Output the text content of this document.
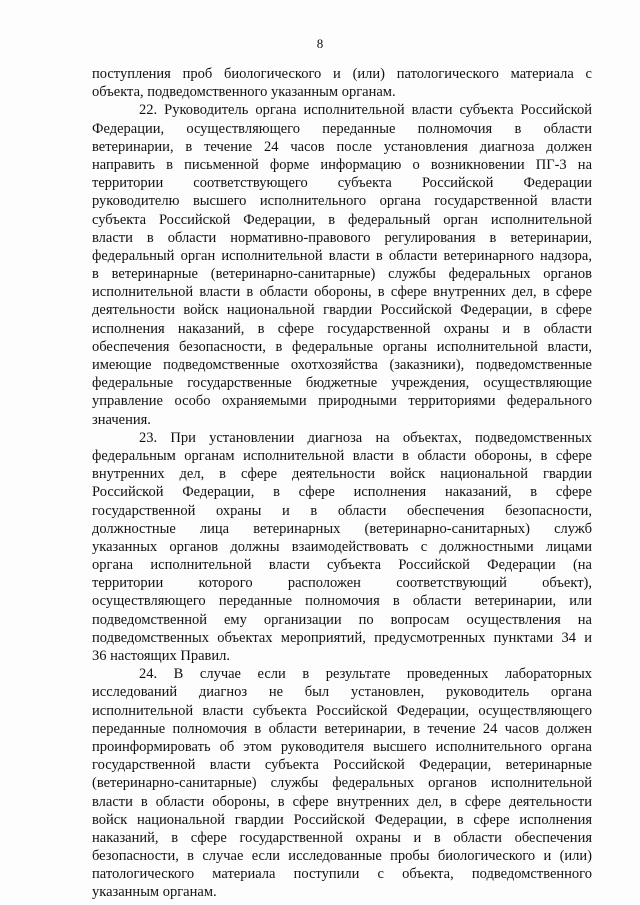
8
поступления проб биологического и (или) патологического материала с
объекта, подведомственного указанным органам.
22. Руководитель органа исполнительной власти субъекта Российской
Федерации, осуществляющего переданные полномочия в области
ветеринарии, в течение 24 часов после установления диагноза должен
направить в письменной форме информацию о возникновении ПГ-3 на
территории соответствующего субъекта Российской Федерации
руководителю высшего исполнительного органа государственной власти
субъекта Российской Федерации, в федеральный орган исполнительной
власти в области нормативно-правового регулирования в ветеринарии,
федеральный орган исполнительной власти в области ветеринарного надзора,
в ветеринарные (ветеринарно-санитарные) службы федеральных органов
исполнительной власти в области обороны, в сфере внутренних дел, в сфере
деятельности войск национальной гвардии Российской Федерации, в сфере
исполнения наказаний, в сфере государственной охраны и в области
обеспечения безопасности, в федеральные органы исполнительной власти,
имеющие подведомственные охотхозяйства (заказники), подведомственные
федеральные государственные бюджетные учреждения, осуществляющие
управление особо охраняемыми природными территориями федерального
значения.
23. При установлении диагноза на объектах, подведомственных
федеральным органам исполнительной власти в области обороны, в сфере
внутренних дел, в сфере деятельности войск национальной гвардии
Российской Федерации, в сфере исполнения наказаний, в сфере
государственной охраны и в области обеспечения безопасности,
должностные лица ветеринарных (ветеринарно-санитарных) служб
указанных органов должны взаимодействовать с должностными лицами
органа исполнительной власти субъекта Российской Федерации (на
территории которого расположен соответствующий объект),
осуществляющего переданные полномочия в области ветеринарии, или
подведомственной ему организации по вопросам осуществления на
подведомственных объектах мероприятий, предусмотренных пунктами 34 и
36 настоящих Правил.
24. В случае если в результате проведенных лабораторных
исследований диагноз не был установлен, руководитель органа
исполнительной власти субъекта Российской Федерации, осуществляющего
переданные полномочия в области ветеринарии, в течение 24 часов должен
проинформировать об этом руководителя высшего исполнительного органа
государственной власти субъекта Российской Федерации, ветеринарные
(ветеринарно-санитарные) службы федеральных органов исполнительной
власти в области обороны, в сфере внутренних дел, в сфере деятельности
войск национальной гвардии Российской Федерации, в сфере исполнения
наказаний, в сфере государственной охраны и в области обеспечения
безопасности, в случае если исследованные пробы биологического и (или)
патологического материала поступили с объекта, подведомственного
указанным органам.
